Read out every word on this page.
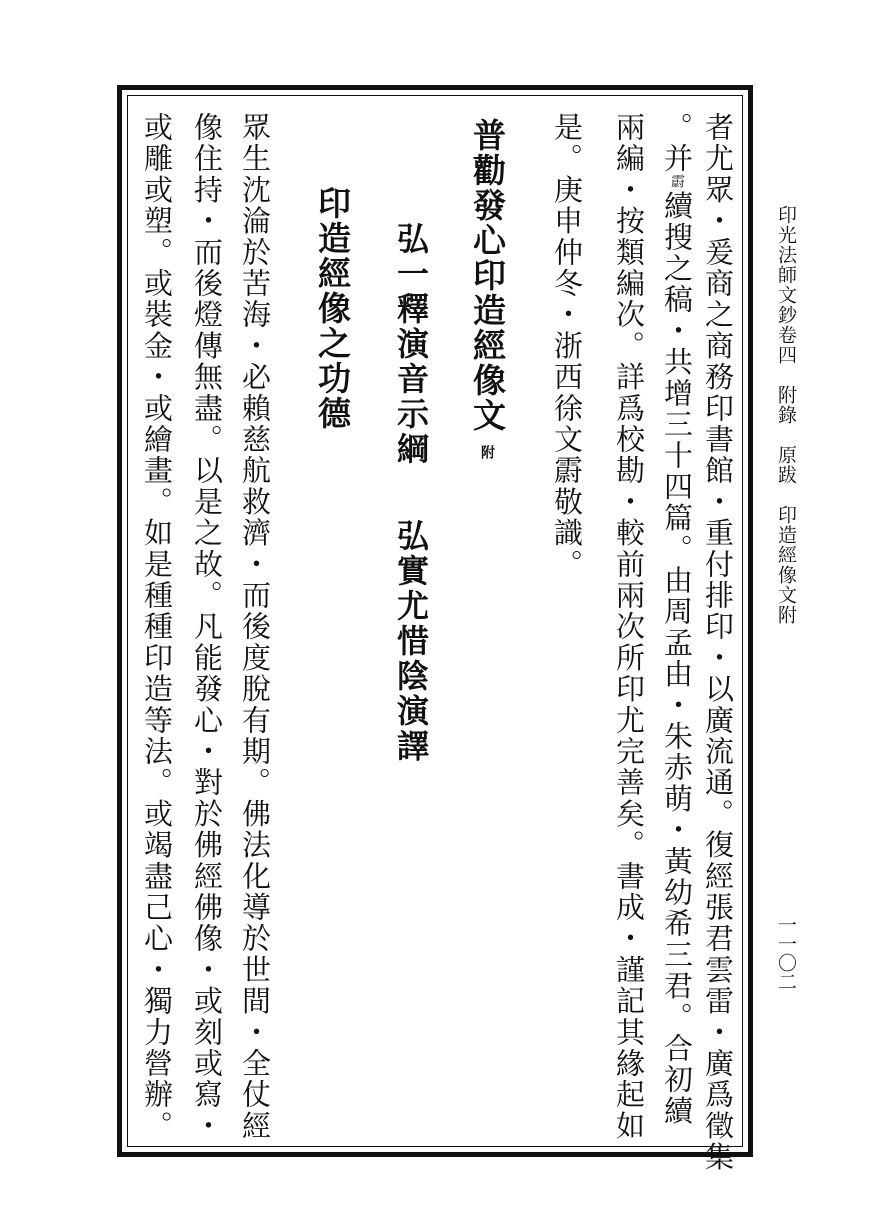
印光法師文鈔卷四　附錄　原跋　印造經像文附
一一〇二
者尤眾・爰商之商務印書館・重付排印・以廣流通。復經張君雲雷・廣爲徵集
。并霨續搜之稿・共增三十四篇。由周孟由・朱赤萌・黃幼希三君。合初續
兩編・按類編次。詳爲校勘・較前兩次所印尤完善矣。書成・謹記其緣起如
是。庚申仲冬・浙西徐文霨敬識。
普勸發心印造經像文附
弘一釋演音示綱弘實尤惜陰演譯
印造經像之功德
眾生沈淪於苦海・必賴慈航救濟・而後度脫有期。佛法化導於世間・全仗經
像住持・而後燈傳無盡。以是之故。凡能發心・對於佛經佛像・或刻或寫・
或雕或塑。或裝金・或繪畫。如是種種印造等法。或竭盡己心・獨力營辦。
